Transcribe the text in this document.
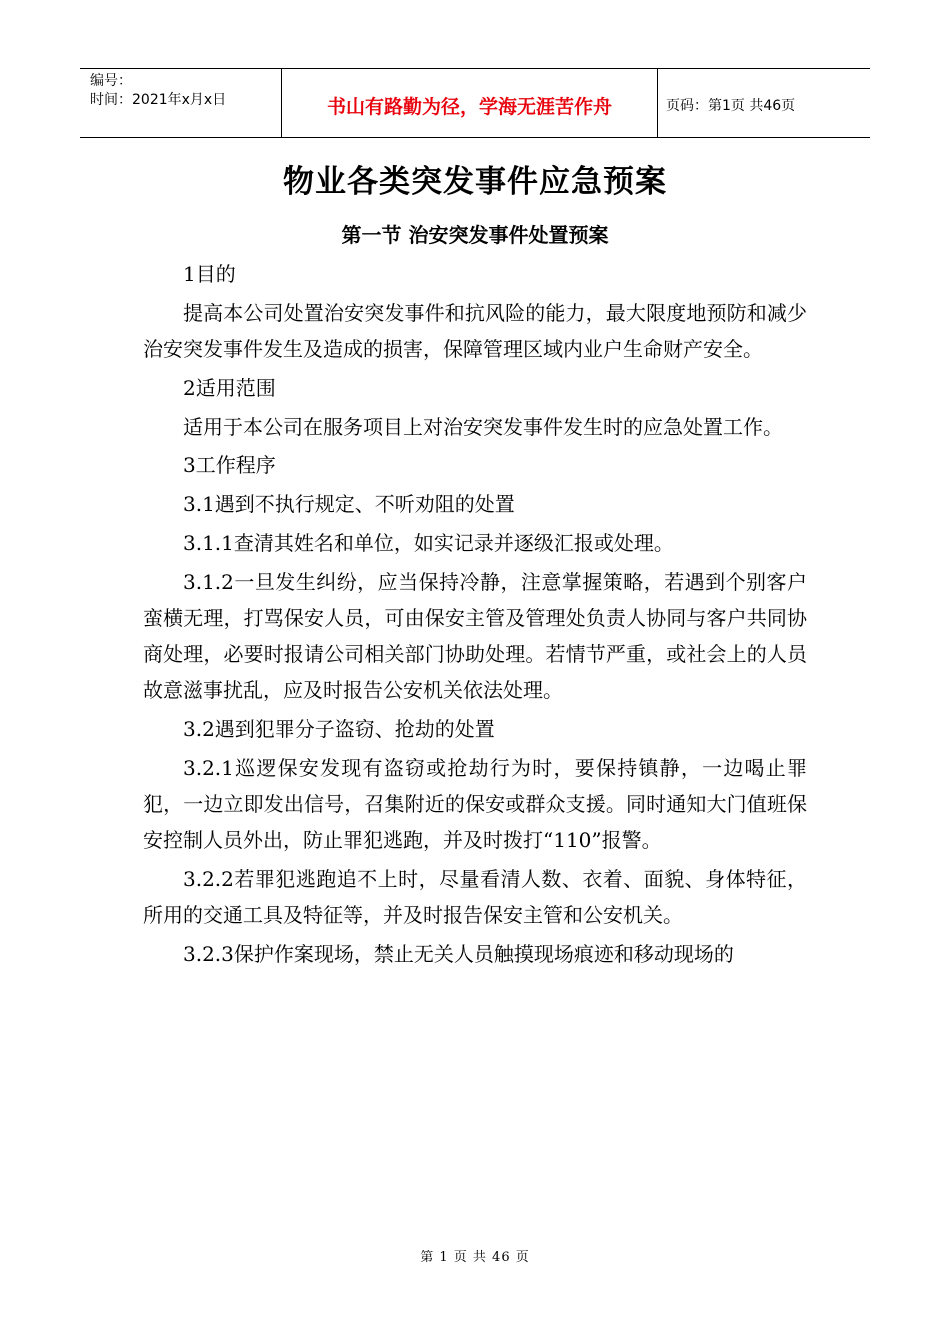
编号：
时间：2021年x月x日	书山有路勤为径，学海无涯苦作舟	页码：第1页 共46页
物业各类突发事件应急预案
第一节 治安突发事件处置预案

1目的

提高本公司处置治安突发事件和抗风险的能力，最大限度地预防和减少治安突发事件发生及造成的损害，保障管理区域内业户生命财产安全。

2适用范围

适用于本公司在服务项目上对治安突发事件发生时的应急处置工作。

3工作程序

3.1遇到不执行规定、不听劝阻的处置

3.1.1查清其姓名和单位，如实记录并逐级汇报或处理。

3.1.2一旦发生纠纷，应当保持冷静，注意掌握策略，若遇到个别客户蛮横无理，打骂保安人员，可由保安主管及管理处负责人协同与客户共同协商处理，必要时报请公司相关部门协助处理。若情节严重，或社会上的人员故意滋事扰乱，应及时报告公安机关依法处理。

3.2遇到犯罪分子盗窃、抢劫的处置

3.2.1巡逻保安发现有盗窃或抢劫行为时，要保持镇静，一边喝止罪犯，一边立即发出信号，召集附近的保安或群众支援。同时通知大门值班保安控制人员外出，防止罪犯逃跑，并及时拨打“110”报警。

3.2.2若罪犯逃跑追不上时，尽量看清人数、衣着、面貌、身体特征，所用的交通工具及特征等，并及时报告保安主管和公安机关。

3.2.3保护作案现场，禁止无关人员触摸现场痕迹和移动现场的

第 1 页 共 46 页
